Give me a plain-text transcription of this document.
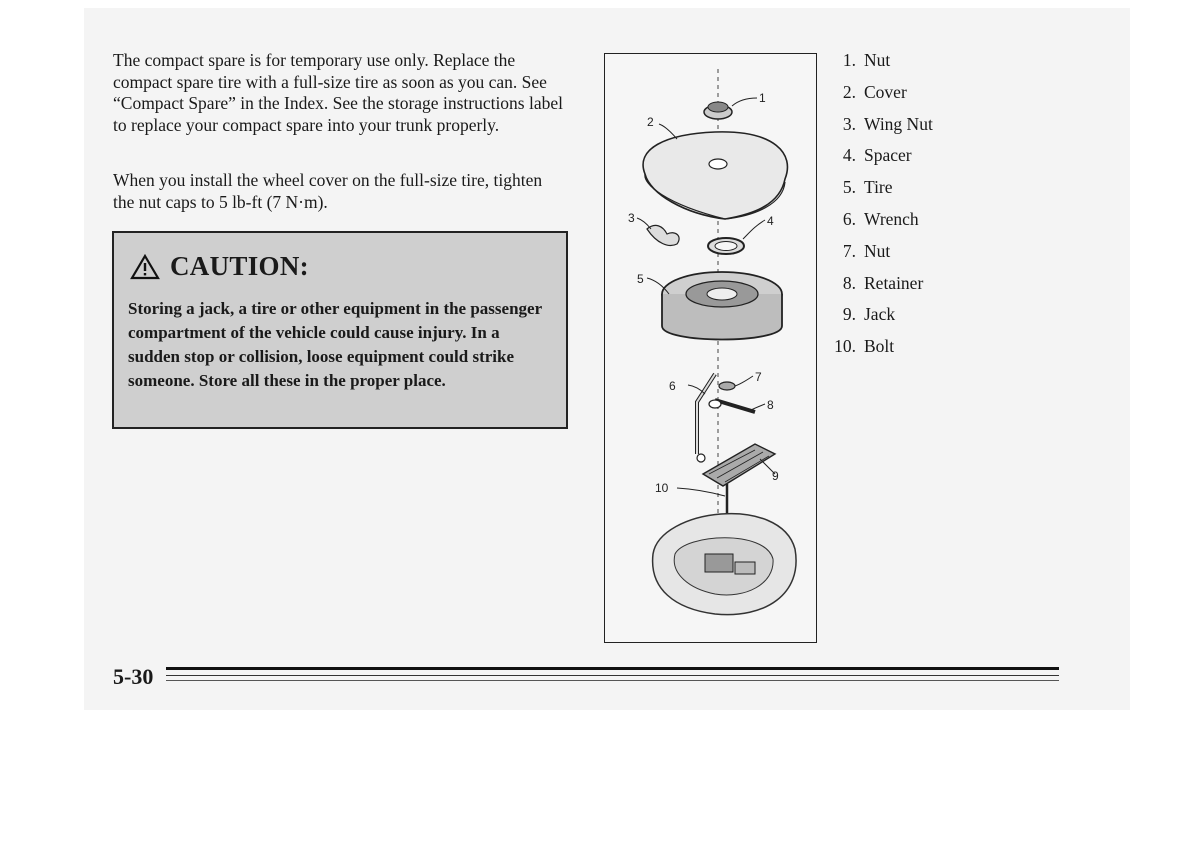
The compact spare is for temporary use only. Replace the compact spare tire with a full-size tire as soon as you can. See “Compact Spare” in the Index. See the storage instructions label to replace your compact spare into your trunk properly.

When you install the wheel cover on the full-size tire, tighten the nut caps to 5 lb-ft (7 N·m).

CAUTION:
Storing a jack, a tire or other equipment in the passenger compartment of the vehicle could cause injury. In a sudden stop or collision, loose equipment could strike someone. Store all these in the proper place.
1
2
3	4
5
6
7
8
9
10
1. Nut
2. Cover
3. Wing Nut
4. Spacer
5. Tire
6. Wrench
7. Nut
8. Retainer
9. Jack
10. Bolt
5-30
